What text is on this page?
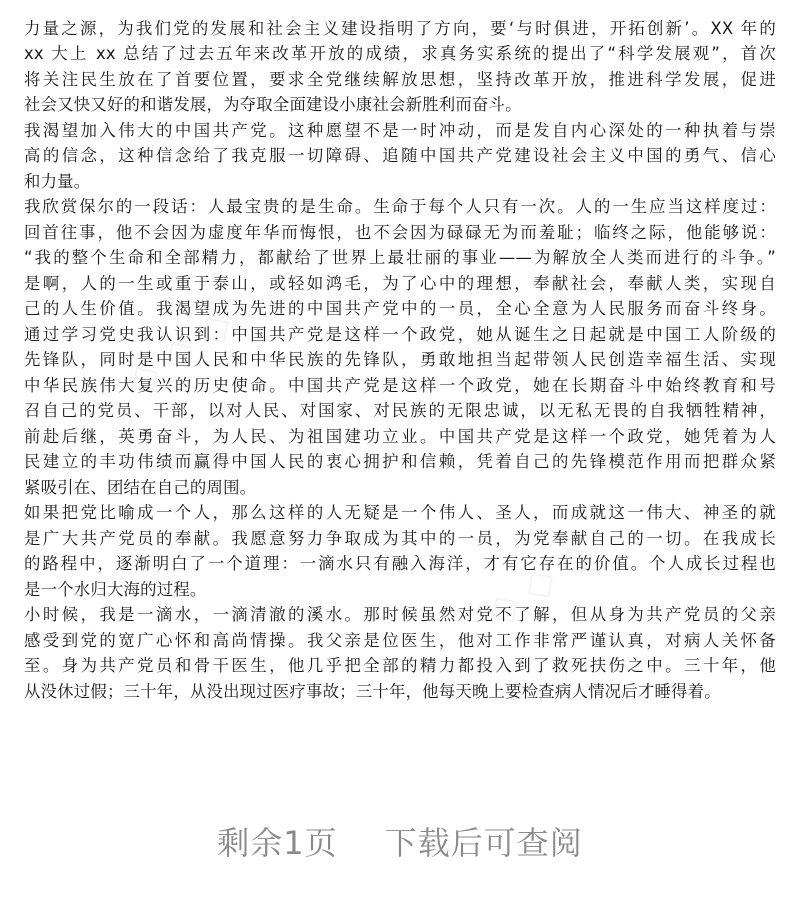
力量之源，为我们党的发展和社会主义建设指明了方向，要‘与时俱进，开拓创新’。XX 年的
xx 大上 xx 总结了过去五年来改革开放的成绩，求真务实系统的提出了“科学发展观”，首次
将关注民生放在了首要位置，要求全党继续解放思想，坚持改革开放，推进科学发展，促进
社会又快又好的和谐发展，为夺取全面建设小康社会新胜利而奋斗。
我渴望加入伟大的中国共产党。这种愿望不是一时冲动，而是发自内心深处的一种执着与崇
高的信念，这种信念给了我克服一切障碍、追随中国共产党建设社会主义中国的勇气、信心
和力量。
我欣赏保尔的一段话：人最宝贵的是生命。生命于每个人只有一次。人的一生应当这样度过：
回首往事，他不会因为虚度年华而悔恨，也不会因为碌碌无为而羞耻；临终之际，他能够说：
“我的整个生命和全部精力，都献给了世界上最壮丽的事业——为解放全人类而进行的斗争。”
是啊，人的一生或重于泰山，或轻如鸿毛，为了心中的理想，奉献社会，奉献人类，实现自
己的人生价值。我渴望成为先进的中国共产党中的一员，全心全意为人民服务而奋斗终身。
通过学习党史我认识到：中国共产党是这样一个政党，她从诞生之日起就是中国工人阶级的
先锋队，同时是中国人民和中华民族的先锋队，勇敢地担当起带领人民创造幸福生活、实现
中华民族伟大复兴的历史使命。中国共产党是这样一个政党，她在长期奋斗中始终教育和号
召自己的党员、干部，以对人民、对国家、对民族的无限忠诚，以无私无畏的自我牺牲精神，
前赴后继，英勇奋斗，为人民、为祖国建功立业。中国共产党是这样一个政党，她凭着为人
民建立的丰功伟绩而赢得中国人民的衷心拥护和信赖，凭着自己的先锋模范作用而把群众紧
紧吸引在、团结在自己的周围。
如果把党比喻成一个人，那么这样的人无疑是一个伟人、圣人，而成就这一伟大、神圣的就
是广大共产党员的奉献。我愿意努力争取成为其中的一员，为党奉献自己的一切。在我成长
的路程中，逐渐明白了一个道理：一滴水只有融入海洋，才有它存在的价值。个人成长过程也
是一个水归大海的过程。
小时候，我是一滴水，一滴清澈的溪水。那时候虽然对党不了解，但从身为共产党员的父亲
感受到党的宽广心怀和高尚情操。我父亲是位医生，他对工作非常严谨认真，对病人关怀备
至。身为共产党员和骨干医生，他几乎把全部的精力都投入到了救死扶伤之中。三十年，他
从没休过假；三十年，从没出现过医疗事故；三十年，他每天晚上要检查病人情况后才睡得着。
剩余1页 下载后可查阅
